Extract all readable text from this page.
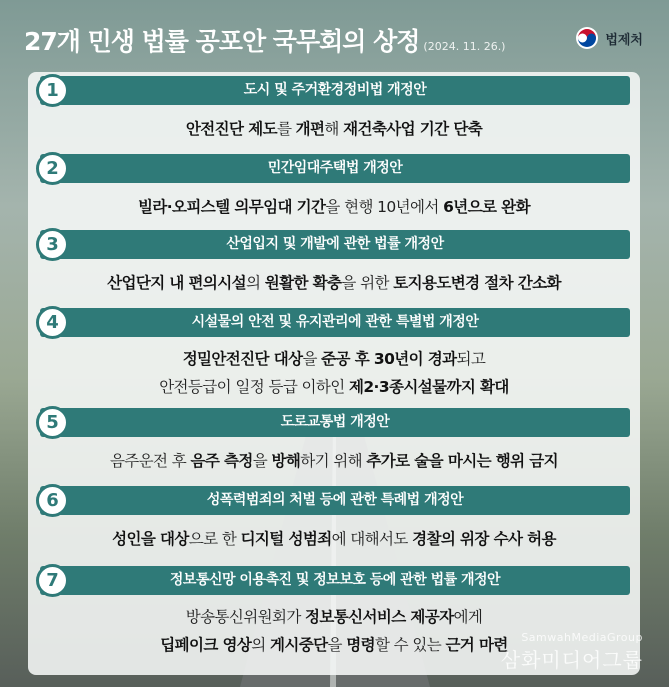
27개 민생 법률 공포안 국무회의 상정 (2024. 11. 26.)	법제처
1	도시 및 주거환경정비법 개정안
안전진단 제도를 개편해 재건축사업 기간 단축
2	민간임대주택법 개정안
빌라·오피스텔 의무임대 기간을 현행 10년에서 6년으로 완화
3	산업입지 및 개발에 관한 법률 개정안
산업단지 내 편의시설의 원활한 확충을 위한 토지용도변경 절차 간소화
4	시설물의 안전 및 유지관리에 관한 특별법 개정안
정밀안전진단 대상을 준공 후 30년이 경과되고
안전등급이 일정 등급 이하인 제2·3종시설물까지 확대
5	도로교통법 개정안
음주운전 후 음주 측정을 방해하기 위해 추가로 술을 마시는 행위 금지
6	성폭력범죄의 처벌 등에 관한 특례법 개정안
성인을 대상으로 한 디지털 성범죄에 대해서도 경찰의 위장 수사 허용
7	정보통신망 이용촉진 및 정보보호 등에 관한 법률 개정안
방송통신위원회가 정보통신서비스 제공자에게
딥페이크 영상의 게시중단을 명령할 수 있는 근거 마련	SamwahMediaGroup
삼화미디어그룹
